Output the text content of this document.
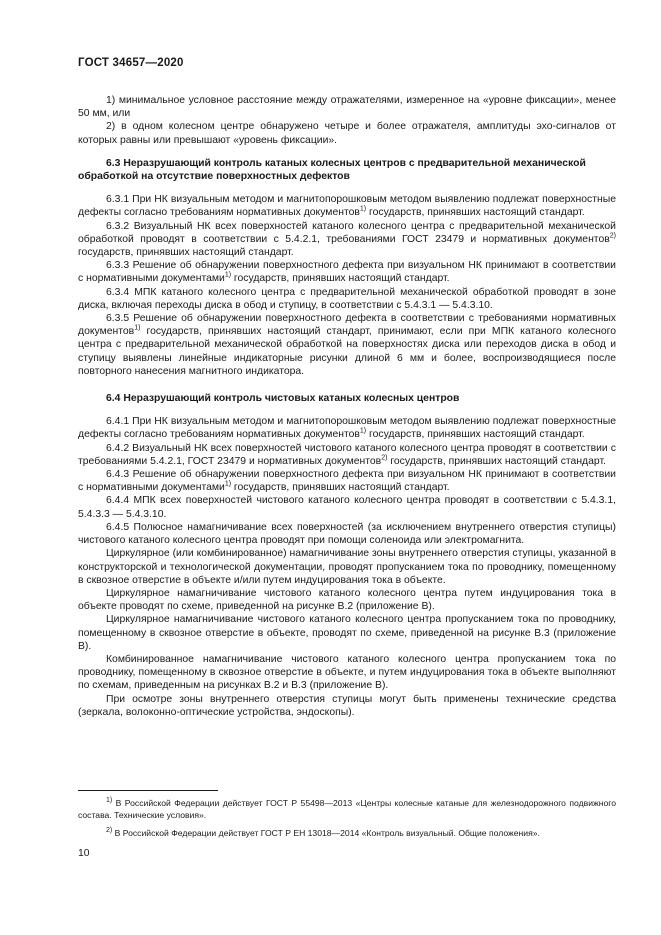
ГОСТ 34657—2020

1) минимальное условное расстояние между отражателями, измеренное на «уровне фиксации», менее 50 мм, или

2) в одном колесном центре обнаружено четыре и более отражателя, амплитуды эхо-сигналов от которых равны или превышают «уровень фиксации».

6.3 Неразрушающий контроль катаных колесных центров с предварительной механической обработкой на отсутствие поверхностных дефектов

6.3.1 При НК визуальным методом и магнитопорошковым методом выявлению подлежат поверхностные дефекты согласно требованиям нормативных документов$^{1)}$ государств, принявших настоящий стандарт.

6.3.2 Визуальный НК всех поверхностей катаного колесного центра с предварительной механической обработкой проводят в соответствии с 5.4.2.1, требованиями ГОСТ 23479 и нормативных документов$^{2)}$ государств, принявших настоящий стандарт.

6.3.3 Решение об обнаружении поверхностного дефекта при визуальном НК принимают в соответствии с нормативными документами$^{1)}$ государств, принявших настоящий стандарт.

6.3.4 МПК катаного колесного центра с предварительной механической обработкой проводят в зоне диска, включая переходы диска в обод и ступицу, в соответствии с 5.4.3.1 — 5.4.3.10.

6.3.5 Решение об обнаружении поверхностного дефекта в соответствии с требованиями нормативных документов$^{1)}$ государств, принявших настоящий стандарт, принимают, если при МПК катаного колесного центра с предварительной механической обработкой на поверхностях диска или переходов диска в обод и ступицу выявлены линейные индикаторные рисунки длиной 6 мм и более, воспроизводящиеся после повторного нанесения магнитного индикатора.

6.4 Неразрушающий контроль чистовых катаных колесных центров

6.4.1 При НК визуальным методом и магнитопорошковым методом выявлению подлежат поверхностные дефекты согласно требованиям нормативных документов$^{1)}$ государств, принявших настоящий стандарт.

6.4.2 Визуальный НК всех поверхностей чистового катаного колесного центра проводят в соответствии с требованиями 5.4.2.1, ГОСТ 23479 и нормативных документов$^{2)}$ государств, принявших настоящий стандарт.

6.4.3 Решение об обнаружении поверхностного дефекта при визуальном НК принимают в соответствии с нормативными документами$^{1)}$ государств, принявших настоящий стандарт.

6.4.4 МПК всех поверхностей чистового катаного колесного центра проводят в соответствии с 5.4.3.1, 5.4.3.3 — 5.4.3.10.

6.4.5 Полюсное намагничивание всех поверхностей (за исключением внутреннего отверстия ступицы) чистового катаного колесного центра проводят при помощи соленоида или электромагнита.

Циркулярное (или комбинированное) намагничивание зоны внутреннего отверстия ступицы, указанной в конструкторской и технологической документации, проводят пропусканием тока по проводнику, помещенному в сквозное отверстие в объекте и/или путем индуцирования тока в объекте.

Циркулярное намагничивание чистового катаного колесного центра путем индуцирования тока в объекте проводят по схеме, приведенной на рисунке В.2 (приложение В).

Циркулярное намагничивание чистового катаного колесного центра пропусканием тока по проводнику, помещенному в сквозное отверстие в объекте, проводят по схеме, приведенной на рисунке В.3 (приложение В).

Комбинированное намагничивание чистового катаного колесного центра пропусканием тока по проводнику, помещенному в сквозное отверстие в объекте, и путем индуцирования тока в объекте выполняют по схемам, приведенным на рисунках В.2 и В.3 (приложение В).

При осмотре зоны внутреннего отверстия ступицы могут быть применены технические средства (зеркала, волоконно-оптические устройства, эндоскопы).

$^{1)}$ В Российской Федерации действует ГОСТ Р 55498—2013 «Центры колесные катаные для железнодорожного подвижного состава. Технические условия».

$^{2)}$ В Российской Федерации действует ГОСТ Р ЕН 13018—2014 «Контроль визуальный. Общие положения».

10
